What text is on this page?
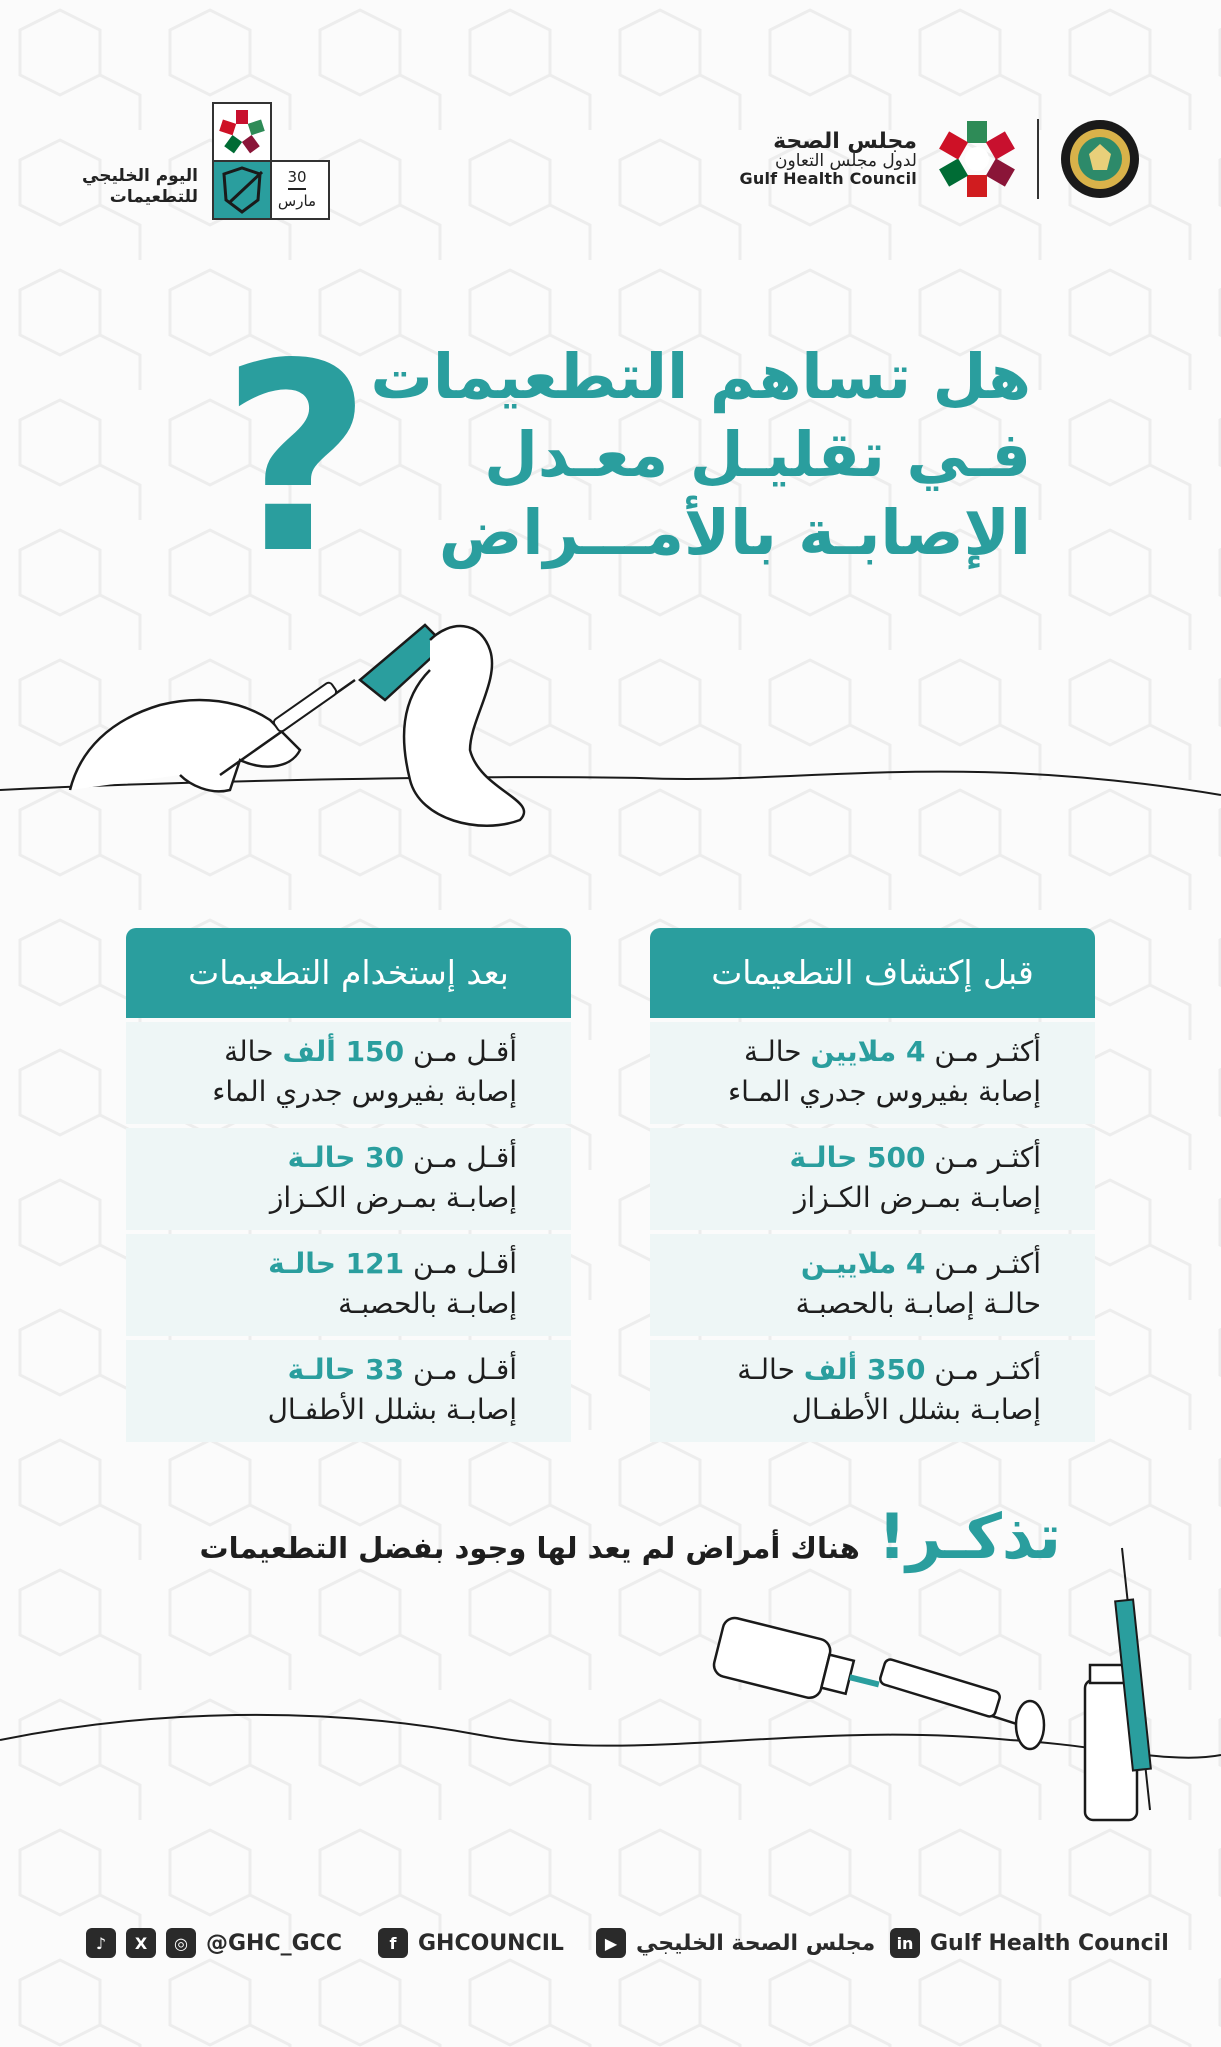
مجلس الصحة
لدول مجلس التعاون
Gulf Health Council
اليوم الخليجي
للتطعيمات
30
مارس
هل تساهم التطعيمات
فـي تقليـل معـدل
الإصابـة بالأمـــراض
؟
قبل إكتشاف التطعيمات
أكثـر مـن 4 ملايين حالـة
إصابة بفيروس جدري المـاء
أكثـر مـن 500 حالـة
إصابـة بمـرض الكـزاز
أكثـر مـن 4 ملاييـن
حالـة إصابـة بالحصبـة
أكثـر مـن 350 ألف حالـة
إصابـة بشلل الأطفـال
بعد إستخدام التطعيمات
أقـل مـن 150 ألف حالة
إصابة بفيروس جدري الماء
أقـل مـن 30 حالـة
إصابـة بمـرض الكـزاز
أقـل مـن 121 حالـة
إصابـة بالحصبـة
أقـل مـن 33 حالـة
إصابـة بشلل الأطفـال
تذكـر!
هناك أمراض لم يعد لها وجود بفضل التطعيمات
♪	X	◎ @GHC_GCC	f GHCOUNCIL	▶ مجلس الصحة الخليجي	in Gulf Health Council
